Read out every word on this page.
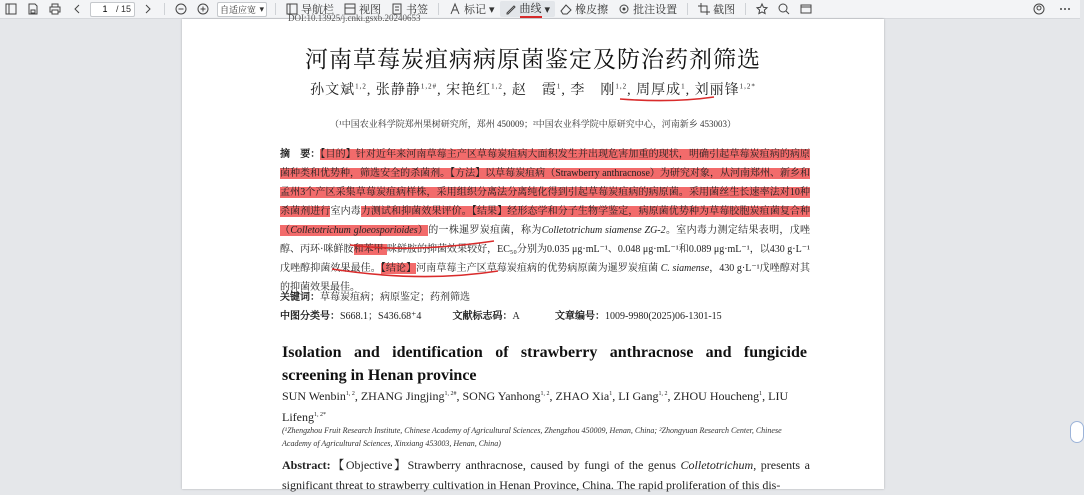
1
/ 15	自适应宽 ▾	导航栏 视图 书签	标记 ▾ 曲线 ▾ 橡皮擦 批注设置	截图
DOI:10.13925/j.cnki.gsxb.20240653
河南草莓炭疽病病原菌鉴定及防治药剂筛选
孙文斌$^{1,2}$, 张静静$^{1,2\#}$, 宋艳红$^{1,2}$, 赵　霞$^1$, 李　刚$^{1,2}$, 周厚成$^1$, 刘丽锋$^{1,2*}$
（¹中国农业科学院郑州果树研究所，郑州 450009；²中国农业科学院中原研究中心，河南新乡 453003）
摘　要：【目的】针对近年来河南草莓主产区草莓炭疽病大面积发生并出现危害加重的现状，明确引起草莓炭疽病的病原菌种类和优势种，筛选安全的杀菌剂。【方法】以草莓炭疽病（Strawberry anthracnose）为研究对象，从河南郑州、新乡和孟州3个产区采集草莓炭疽病样株，采用组织分离法分离纯化得到引起草莓炭疽病的病原菌。采用菌丝生长速率法对10种杀菌剂进行室内毒力测试和抑菌效果评价。【结果】经形态学和分子生物学鉴定，病原菌优势种为草莓胶胞炭疽菌复合种（Colletotrichum gloeosporioides）的一株暹罗炭疽菌，称为Colletotrichum siamense ZG-2。室内毒力测定结果表明，戊唑醇、丙环·咪鲜胺和苯甲·咪鲜胺的抑菌效果较好，EC₅₀分别为0.035 μg·mL⁻¹、0.048 μg·mL⁻¹和0.089 μg·mL⁻¹，以430 g·L⁻¹戊唑醇抑菌效果最佳。【结论】河南草莓主产区草莓炭疽病的优势病原菌为暹罗炭疽菌 C. siamense，430 g·L⁻¹戊唑醇对其的抑菌效果最佳。
关键词：草莓炭疽病；病原鉴定；药剂筛选
中图分类号：S668.1；S436.68⁺4	文献标志码：A	文章编号：1009-9980(2025)06-1301-15
Isolation and identification of strawberry anthracnose and fungicide screening in Henan province
SUN Wenbin$^{1, 2}$, ZHANG Jingjing$^{1, 2\#}$, SONG Yanhong$^{1, 2}$, ZHAO Xia$^1$, LI Gang$^{1, 2}$, ZHOU Houcheng$^1$, LIU Lifeng$^{1, 2*}$
(¹Zhengzhou Fruit Research Institute, Chinese Academy of Agricultural Sciences, Zhengzhou 450009, Henan, China; ²Zhongyuan Research Center, Chinese Academy of Agricultural Sciences, Xinxiang 453003, Henan, China)
Abstract:【Objective】Strawberry anthracnose, caused by fungi of the genus Colletotrichum, presents a significant threat to strawberry cultivation in Henan Province, China. The rapid proliferation of this dis-
